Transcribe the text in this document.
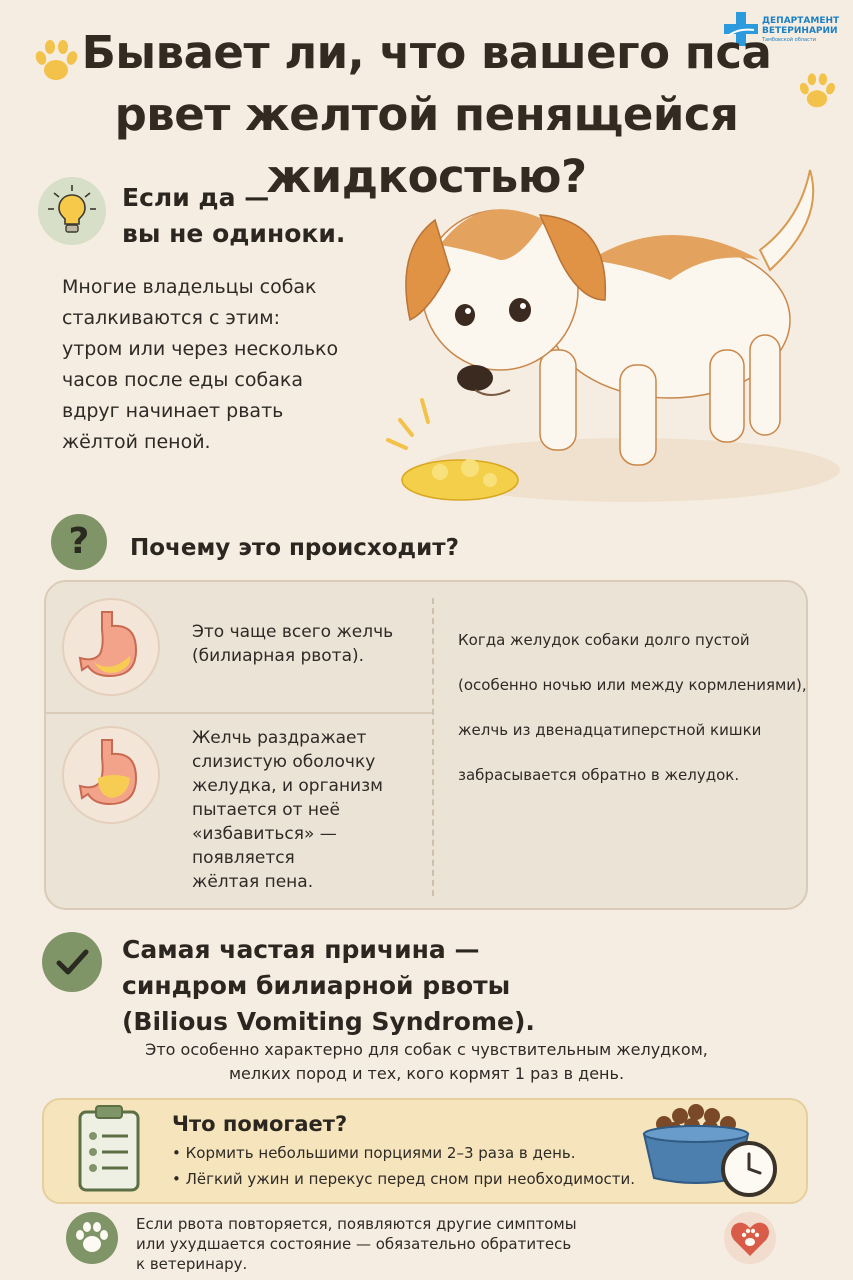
ДЕПАРТАМЕНТ
ВЕТЕРИНАРИИ
Тамбовской области
Бывает ли, что вашего пса
рвет желтой пенящейся жидкостью?
Если да —
вы не одиноки.
Многие владельцы собак
сталкиваются с этим:
утром или через несколько
часов после еды собака
вдруг начинает рвать
жёлтой пеной.
?	Почему это происходит?
Это чаще всего желчь
(билиарная рвота).
Желчь раздражает
слизистую оболочку
желудка, и организм
пытается от неё
«избавиться» —
появляется
жёлтая пена.
Когда желудок собаки долго пустой
(особенно ночью или между кормлениями),
желчь из двенадцатиперстной кишки
забрасывается обратно в желудок.
Самая частая причина —
синдром билиарной рвоты
(Bilious Vomiting Syndrome).
Это особенно характерно для собак с чувствительным желудком,
мелких пород и тех, кого кормят 1 раз в день.
Что помогает?
• Кормить небольшими порциями 2–3 раза в день.
• Лёгкий ужин и перекус перед сном при необходимости.
Если рвота повторяется, появляются другие симптомы
или ухудшается состояние — обязательно обратитесь
к ветеринару.
